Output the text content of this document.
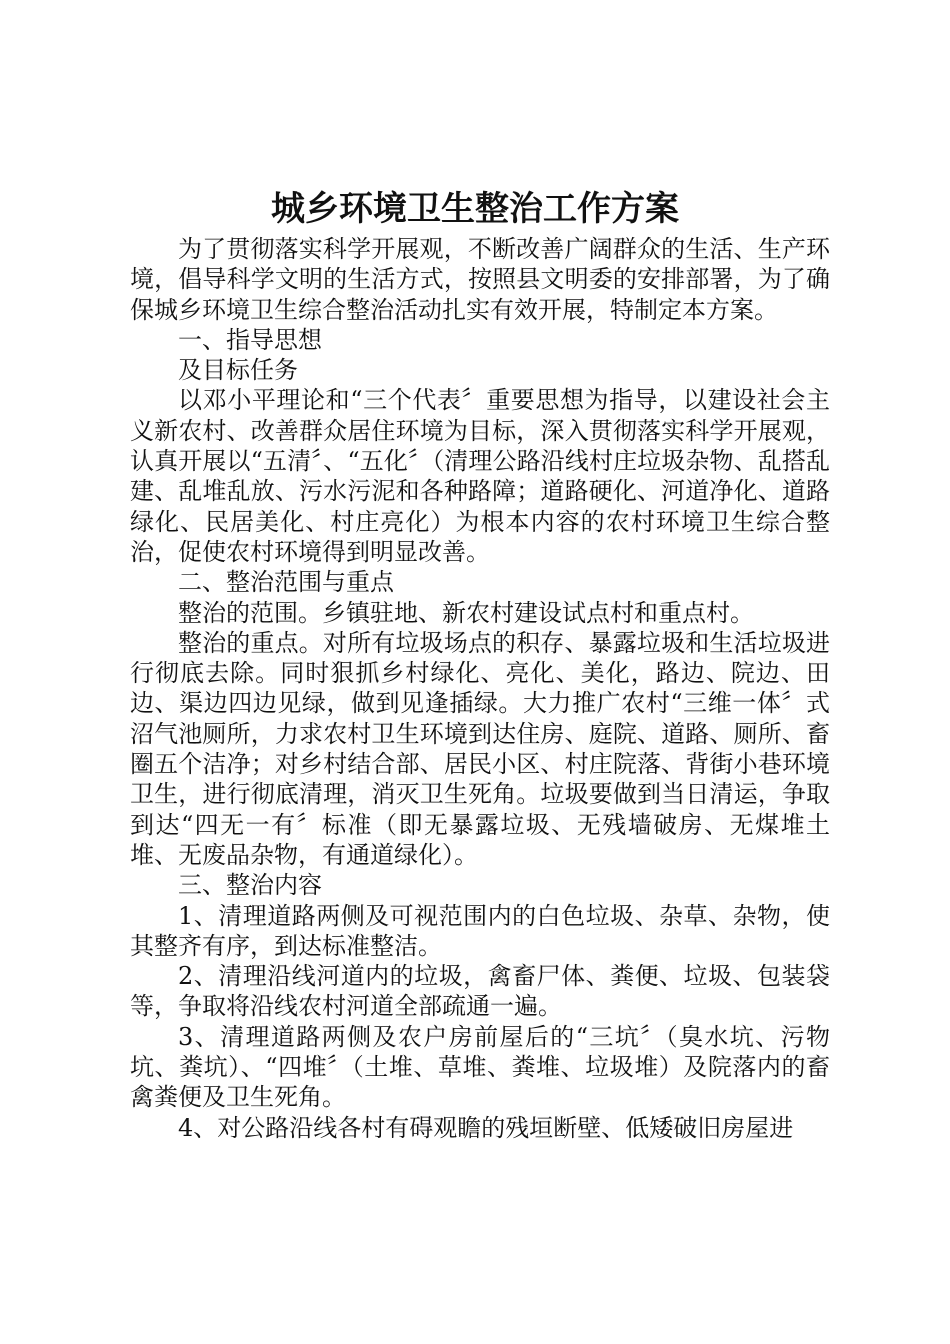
城乡环境卫生整治工作方案

为了贯彻落实科学开展观，不断改善广阔群众的生活、生产环境，倡导科学文明的生活方式，按照县文明委的安排部署，为了确保城乡环境卫生综合整治活动扎实有效开展，特制定本方案。

一、指导思想

及目标任务

以邓小平理论和“三个代表〞重要思想为指导，以建设社会主义新农村、改善群众居住环境为目标，深入贯彻落实科学开展观，认真开展以“五清〞、“五化〞（清理公路沿线村庄垃圾杂物、乱搭乱建、乱堆乱放、污水污泥和各种路障；道路硬化、河道净化、道路绿化、民居美化、村庄亮化）为根本内容的农村环境卫生综合整治，促使农村环境得到明显改善。

二、整治范围与重点

整治的范围。乡镇驻地、新农村建设试点村和重点村。

整治的重点。对所有垃圾场点的积存、暴露垃圾和生活垃圾进行彻底去除。同时狠抓乡村绿化、亮化、美化，路边、院边、田边、渠边四边见绿，做到见逢插绿。大力推广农村“三维一体〞式沼气池厕所，力求农村卫生环境到达住房、庭院、道路、厕所、畜圈五个洁净；对乡村结合部、居民小区、村庄院落、背街小巷环境卫生，进行彻底清理，消灭卫生死角。垃圾要做到当日清运，争取到达“四无一有〞标准（即无暴露垃圾、无残墙破房、无煤堆土堆、无废品杂物，有通道绿化）。

三、整治内容

1、清理道路两侧及可视范围内的白色垃圾、杂草、杂物，使其整齐有序，到达标准整洁。

2、清理沿线河道内的垃圾，禽畜尸体、粪便、垃圾、包装袋等，争取将沿线农村河道全部疏通一遍。

3、清理道路两侧及农户房前屋后的“三坑〞（臭水坑、污物坑、粪坑）、“四堆〞（土堆、草堆、粪堆、垃圾堆）及院落内的畜禽粪便及卫生死角。

4、对公路沿线各村有碍观瞻的残垣断壁、低矮破旧房屋进
